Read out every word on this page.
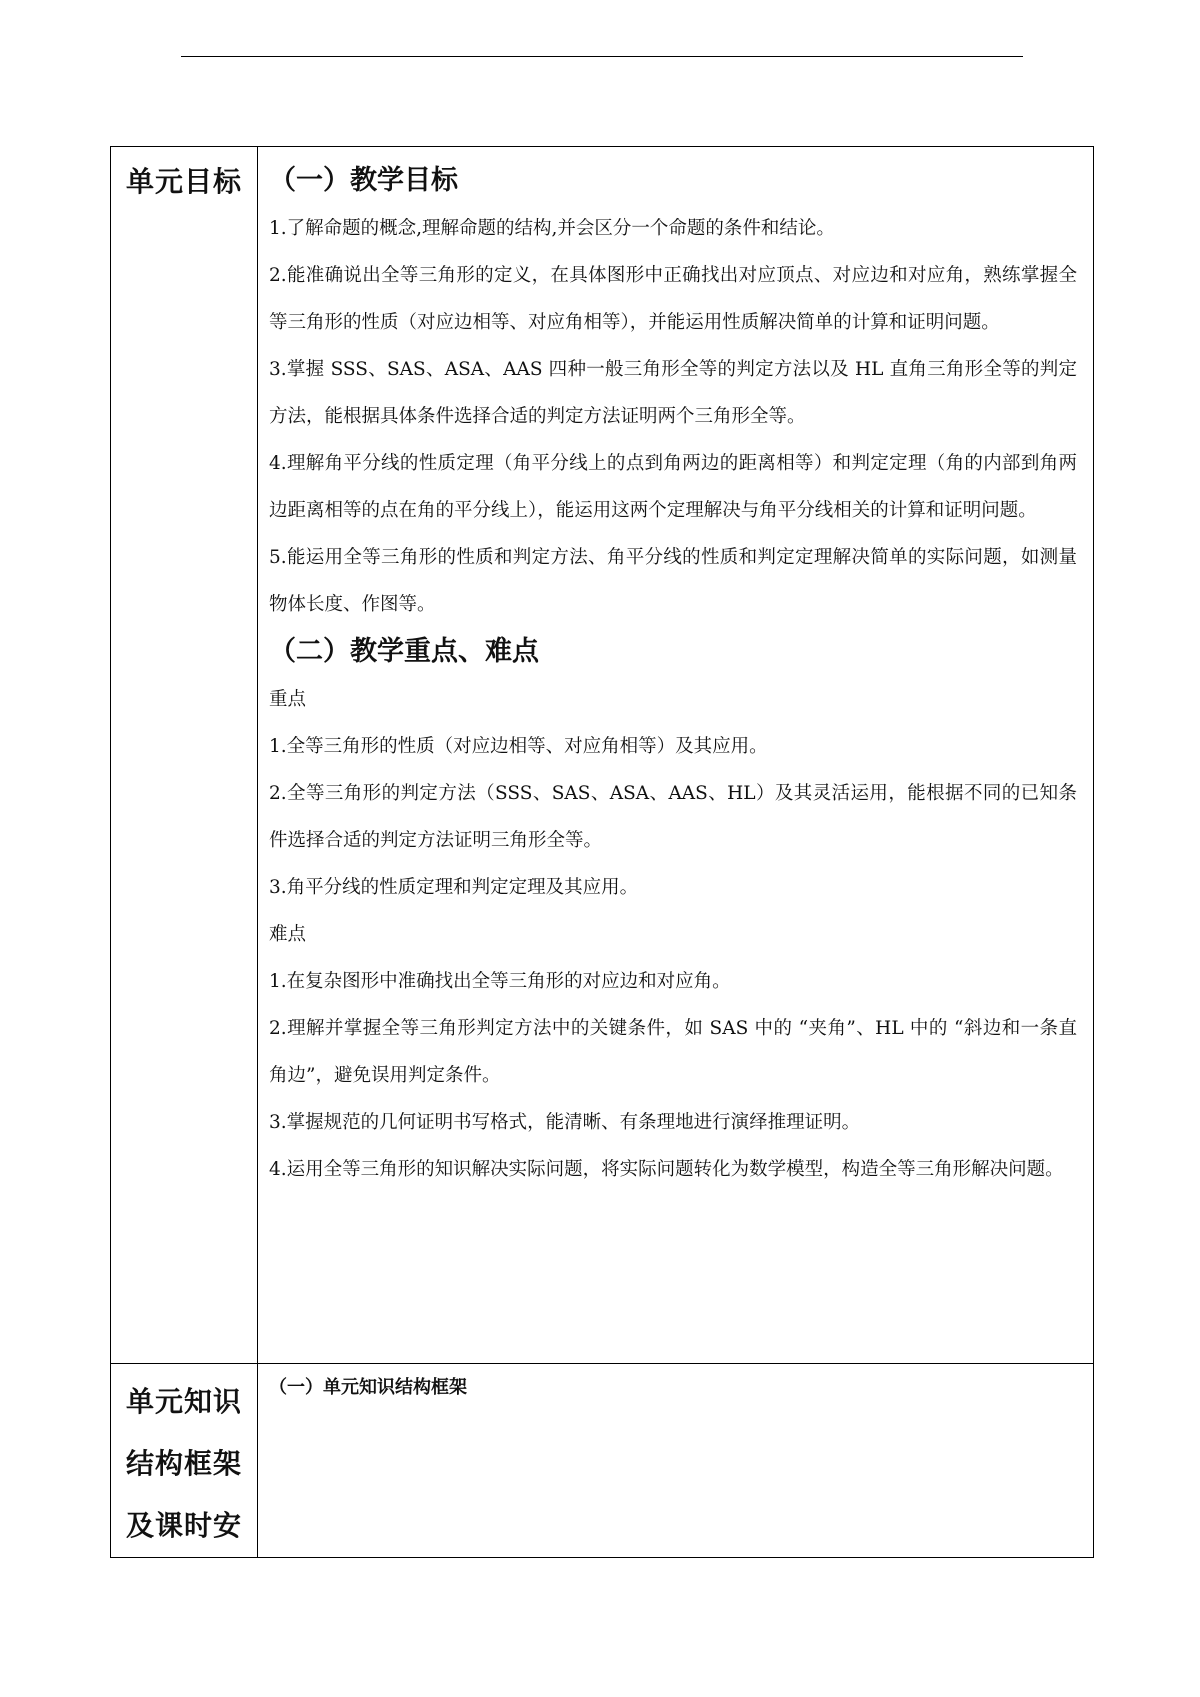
单元目标	（一）教学目标

1.了解命题的概念,理解命题的结构,并会区分一个命题的条件和结论。

2.能准确说出全等三角形的定义，在具体图形中正确找出对应顶点、对应边和对应角，熟练掌握全等三角形的性质（对应边相等、对应角相等），并能运用性质解决简单的计算和证明问题。

3.掌握 SSS、SAS、ASA、AAS 四种一般三角形全等的判定方法以及 HL 直角三角形全等的判定方法，能根据具体条件选择合适的判定方法证明两个三角形全等。

4.理解角平分线的性质定理（角平分线上的点到角两边的距离相等）和判定定理（角的内部到角两边距离相等的点在角的平分线上），能运用这两个定理解决与角平分线相关的计算和证明问题。

5.能运用全等三角形的性质和判定方法、角平分线的性质和判定定理解决简单的实际问题，如测量物体长度、作图等。

（二）教学重点、难点

重点

1.全等三角形的性质（对应边相等、对应角相等）及其应用。

2.全等三角形的判定方法（SSS、SAS、ASA、AAS、HL）及其灵活运用，能根据不同的已知条件选择合适的判定方法证明三角形全等。

3.角平分线的性质定理和判定定理及其应用。

难点

1.在复杂图形中准确找出全等三角形的对应边和对应角。

2.理解并掌握全等三角形判定方法中的关键条件，如 SAS 中的 “夹角”、HL 中的 “斜边和一条直角边”，避免误用判定条件。

3.掌握规范的几何证明书写格式，能清晰、有条理地进行演绎推理证明。

4.运用全等三角形的知识解决实际问题，将实际问题转化为数学模型，构造全等三角形解决问题。

单元知识
结构框架
及课时安
（一）单元知识结构框架
